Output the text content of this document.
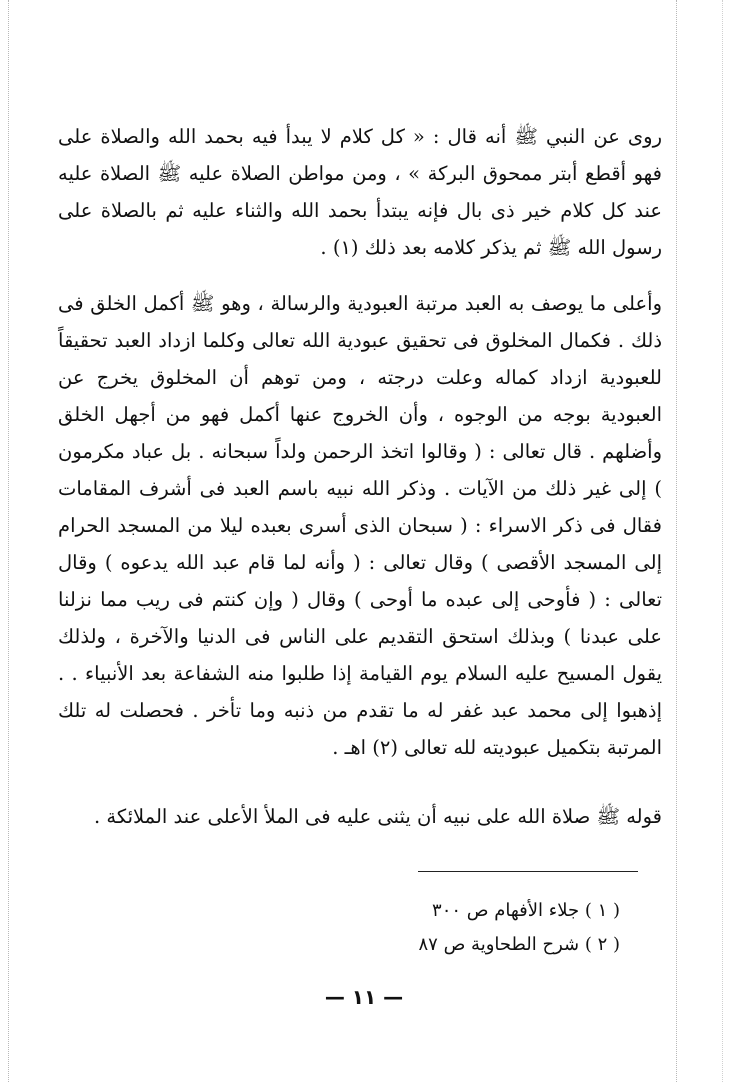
روى عن النبي ﷺ أنه قال : « كل كلام لا يبدأ فيه بحمد الله والصلاة على فهو أقطع أبتر ممحوق البركة » ، ومن مواطن الصلاة عليه ﷺ الصلاة عليه عند كل كلام خير ذى بال فإنه يبتدأ بحمد الله والثناء عليه ثم بالصلاة على رسول الله ﷺ ثم يذكر كلامه بعد ذلك (١) .

وأعلى ما يوصف به العبد مرتبة العبودية والرسالة ، وهو ﷺ أكمل الخلق فى ذلك . فكمال المخلوق فى تحقيق عبودية الله تعالى وكلما ازداد العبد تحقيقاً للعبودية ازداد كماله وعلت درجته ، ومن توهم أن المخلوق يخرج عن العبودية بوجه من الوجوه ، وأن الخروج عنها أكمل فهو من أجهل الخلق وأضلهم . قال تعالى : ( وقالوا اتخذ الرحمن ولداً سبحانه . بل عباد مكرمون ) إلى غير ذلك من الآيات . وذكر الله نبيه باسم العبد فى أشرف المقامات فقال فى ذكر الاسراء : ( سبحان الذى أسرى بعبده ليلا من المسجد الحرام إلى المسجد الأقصى ) وقال تعالى : ( وأنه لما قام عبد الله يدعوه ) وقال تعالى : ( فأوحى إلى عبده ما أوحى ) وقال ( وإن كنتم فى ريب مما نزلنا على عبدنا ) وبذلك استحق التقديم على الناس فى الدنيا والآخرة ، ولذلك يقول المسيح عليه السلام يوم القيامة إذا طلبوا منه الشفاعة بعد الأنبياء . . إذهبوا إلى محمد عبد غفر له ما تقدم من ذنبه وما تأخر . فحصلت له تلك المرتبة بتكميل عبوديته لله تعالى (٢) اهـ .

قوله ﷺ صلاة الله على نبيه أن يثنى عليه فى الملأ الأعلى عند الملائكة .

( ١ ) جلاء الأفهام ص ٣٠٠
( ٢ ) شرح الطحاوية ص ٨٧
— ١١ —
